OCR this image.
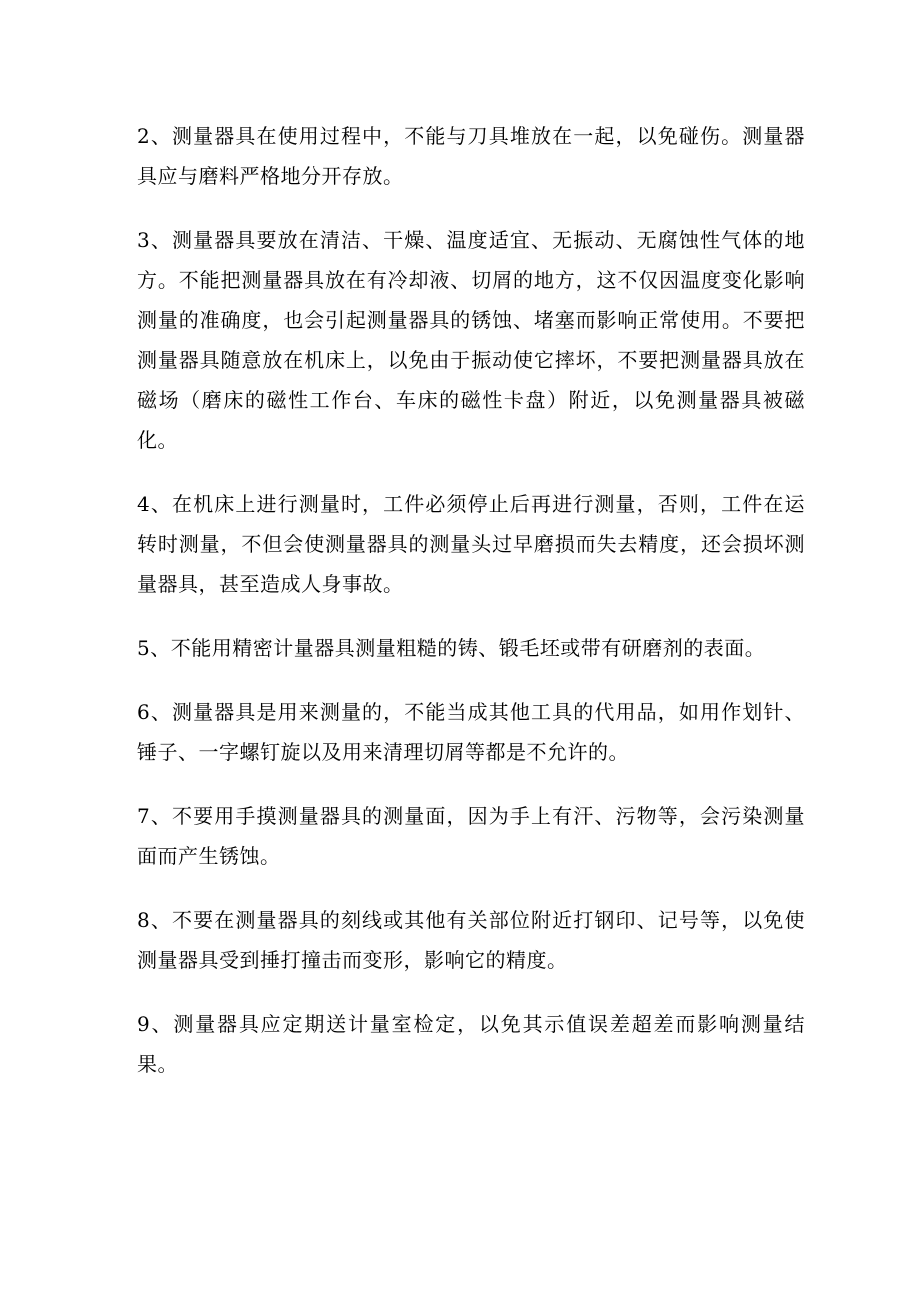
2、测量器具在使用过程中，不能与刀具堆放在一起，以免碰伤。测量器具应与磨料严格地分开存放。

3、测量器具要放在清洁、干燥、温度适宜、无振动、无腐蚀性气体的地方。不能把测量器具放在有冷却液、切屑的地方，这不仅因温度变化影响测量的准确度，也会引起测量器具的锈蚀、堵塞而影响正常使用。不要把测量器具随意放在机床上，以免由于振动使它摔坏，不要把测量器具放在磁场（磨床的磁性工作台、车床的磁性卡盘）附近，以免测量器具被磁化。

4、在机床上进行测量时，工件必须停止后再进行测量，否则，工件在运转时测量，不但会使测量器具的测量头过早磨损而失去精度，还会损坏测量器具，甚至造成人身事故。

5、不能用精密计量器具测量粗糙的铸、锻毛坯或带有研磨剂的表面。

6、测量器具是用来测量的，不能当成其他工具的代用品，如用作划针、锤子、一字螺钉旋以及用来清理切屑等都是不允许的。

7、不要用手摸测量器具的测量面，因为手上有汗、污物等，会污染测量面而产生锈蚀。

8、不要在测量器具的刻线或其他有关部位附近打钢印、记号等，以免使测量器具受到捶打撞击而变形，影响它的精度。

9、测量器具应定期送计量室检定，以免其示值误差超差而影响测量结果。
